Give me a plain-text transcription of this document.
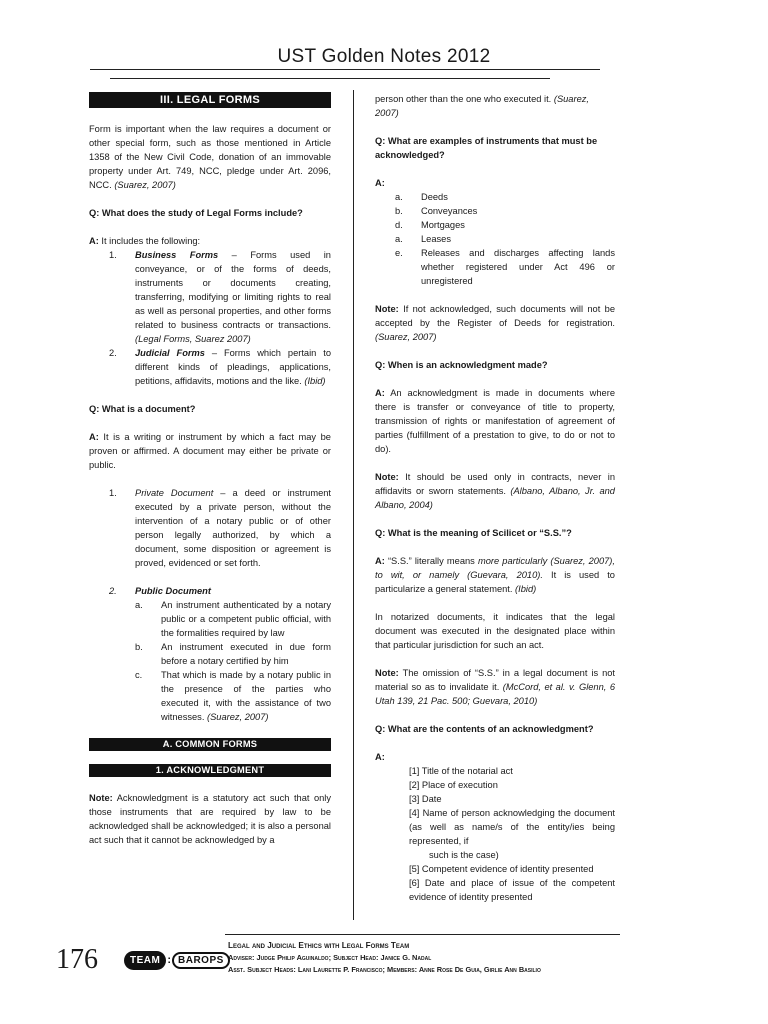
UST Golden Notes 2012
III. LEGAL FORMS

Form is important when the law requires a document or other special form, such as those mentioned in Article 1358 of the New Civil Code, donation of an immovable property under Art. 749, NCC, pledge under Art. 2096, NCC. (Suarez, 2007)

Q: What does the study of Legal Forms include?

A: It includes the following:

1.	Business Forms – Forms used in conveyance, or of the forms of deeds, instruments or documents creating, transferring, modifying or limiting rights to real as well as personal properties, and other forms related to business contracts or transactions. (Legal Forms, Suarez 2007)
2.	Judicial Forms – Forms which pertain to different kinds of pleadings, applications, petitions, affidavits, motions and the like. (Ibid)

Q: What is a document?

A: It is a writing or instrument by which a fact may be proven or affirmed. A document may either be private or public.

1.	Private Document – a deed or instrument executed by a private person, without the intervention of a notary public or of other person legally authorized, by which a document, some disposition or agreement is proved, evidenced or set forth.
2.	Public Document
a.	An instrument authenticated by a notary public or a competent public official, with the formalities required by law
b.	An instrument executed in due form before a notary certified by him
c.	That which is made by a notary public in the presence of the parties who executed it, with the assistance of two witnesses. (Suarez, 2007)
A. COMMON FORMS
1. ACKNOWLEDGMENT

Note: Acknowledgment is a statutory act such that only those instruments that are required by law to be acknowledged shall be acknowledged; it is also a personal act such that it cannot be acknowledged by a

person other than the one who executed it. (Suarez, 2007)

Q: What are examples of instruments that must be acknowledged?

A:

a.	Deeds
b.	Conveyances
d.	Mortgages
a.	Leases
e.	Releases and discharges affecting lands whether registered under Act 496 or unregistered

Note: If not acknowledged, such documents will not be accepted by the Register of Deeds for registration. (Suarez, 2007)

Q: When is an acknowledgment made?

A: An acknowledgment is made in documents where there is transfer or conveyance of title to property, transmission of rights or manifestation of agreement of parties (fulfillment of a prestation to give, to do or not to do).

Note: It should be used only in contracts, never in affidavits or sworn statements. (Albano, Albano, Jr. and Albano, 2004)

Q: What is the meaning of Scilicet or “S.S.”?

A: “S.S.” literally means more particularly (Suarez, 2007), to wit, or namely (Guevara, 2010). It is used to particularize a general statement. (Ibid)

In notarized documents, it indicates that the legal document was executed in the designated place within that particular jurisdiction for such an act.

Note: The omission of “S.S.” in a legal document is not material so as to invalidate it. (McCord, et al. v. Glenn, 6 Utah 139, 21 Pac. 500; Guevara, 2010)

Q: What are the contents of an acknowledgment?

A:

[1] Title of the notarial act
[2] Place of execution
[3] Date
[4] Name of person acknowledging the document (as well as name/s of the entity/ies being represented, if
such is the case)
[5] Competent evidence of identity presented
[6] Date and place of issue of the competent evidence of identity presented
176	TEAM : BAROPS
Legal and Judicial Ethics with Legal Forms Team
Adviser: Judge Philip Aguinaldo; Subject Head: Janice G. Nadal
Asst. Subject Heads: Lani Laurette P. Francisco; Members: Anne Rose De Guia, Girlie Ann Basilio
